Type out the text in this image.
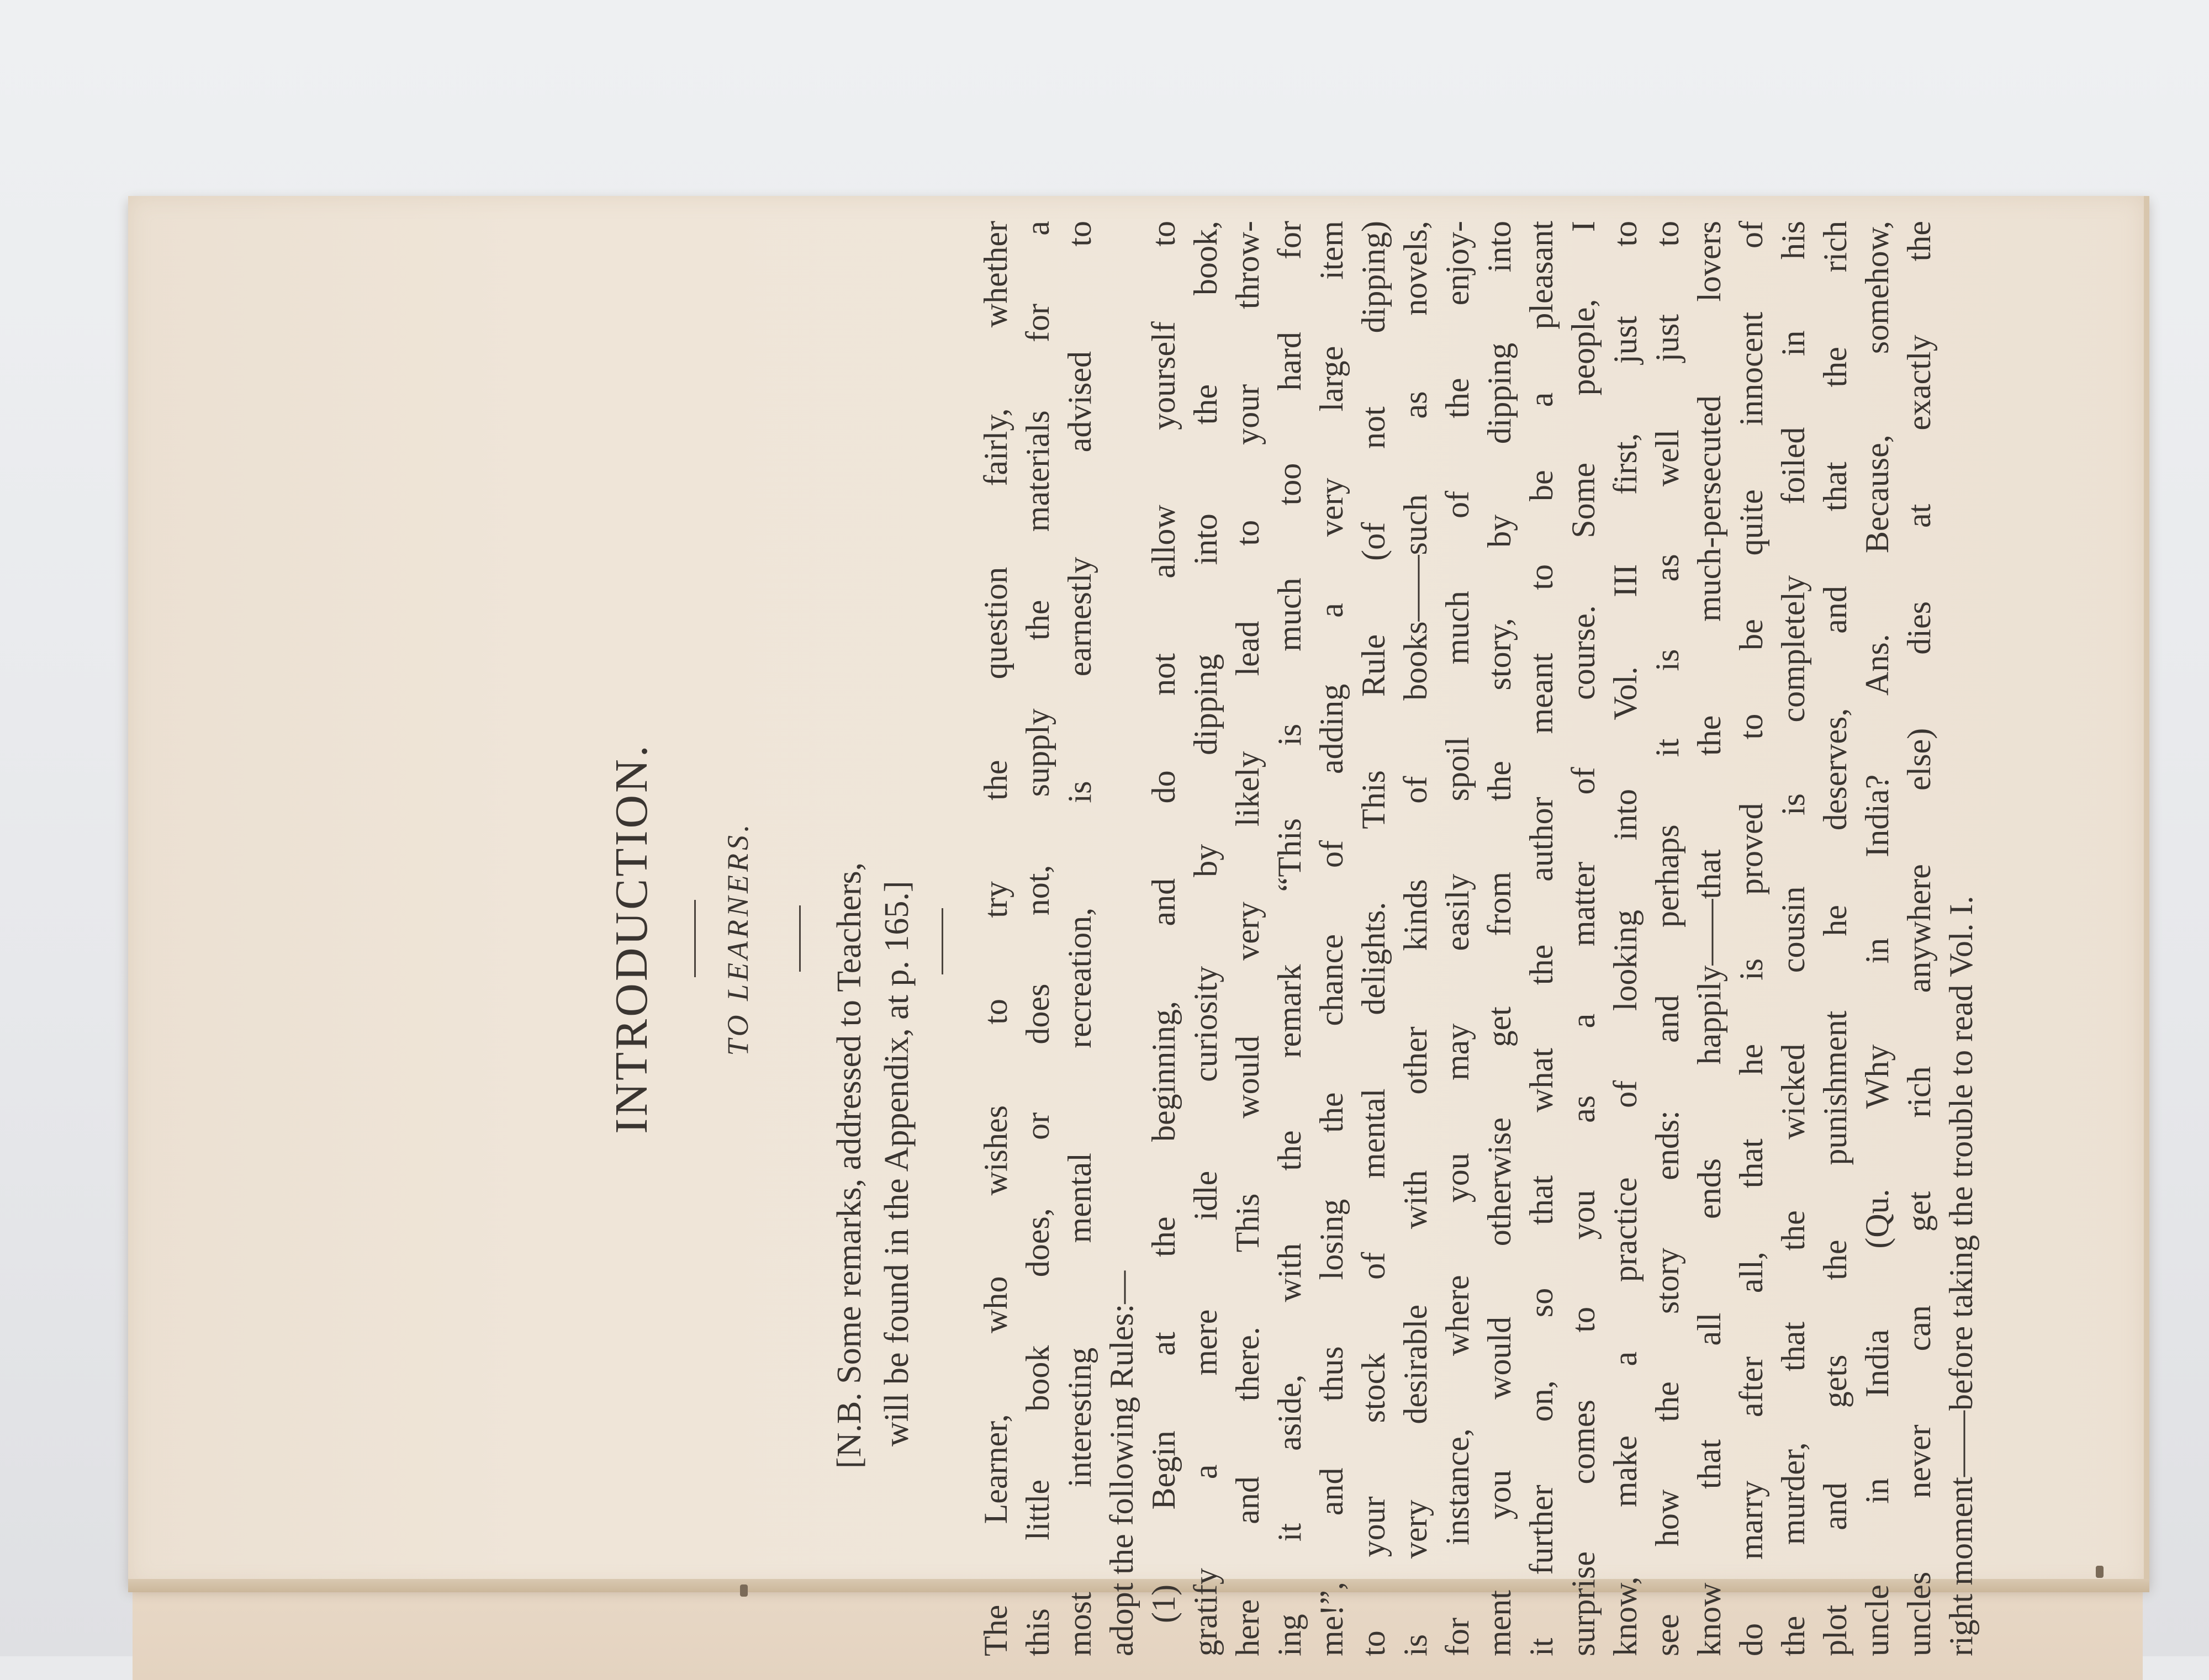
INTRODUCTION. TO LEARNERS. [N.B. Some remarks, addressed to Teachers, will be found in the Appendix, at p. 165.] The Learner, who wishes to try the question fairly, whether this little book does, or does not, supply the materials for a most interesting mental recreation, is earnestly advised to adopt the following Rules:— (1) Begin at the beginning, and do not allow yourself to gratify a mere idle curiosity by dipping into the book, here and there. This would very likely lead to your throw- ing it aside, with the remark “This is much too hard for me!”, and thus losing the chance of adding a very large item to your stock of mental delights. This Rule (of not dipping) is very desirable with other kinds of books——such as novels, for instance, where you may easily spoil much of the enjoy- ment you would otherwise get from the story, by dipping into it further on, so that what the author meant to be a pleasant surprise comes to you as a matter of course. Some people, I know, make a practice of looking into Vol. III first, just to see how the story ends: and perhaps it is as well just to know that all ends happily——that the much-persecuted lovers do marry after all, that he is proved to be quite innocent of the murder, that the wicked cousin is completely foiled in his plot and gets the punishment he deserves, and that the rich uncle in India (Qu. Why in India? Ans. Because, somehow, uncles never can get rich anywhere else) dies at exactly the right moment——before taking the trouble to read Vol. I.
